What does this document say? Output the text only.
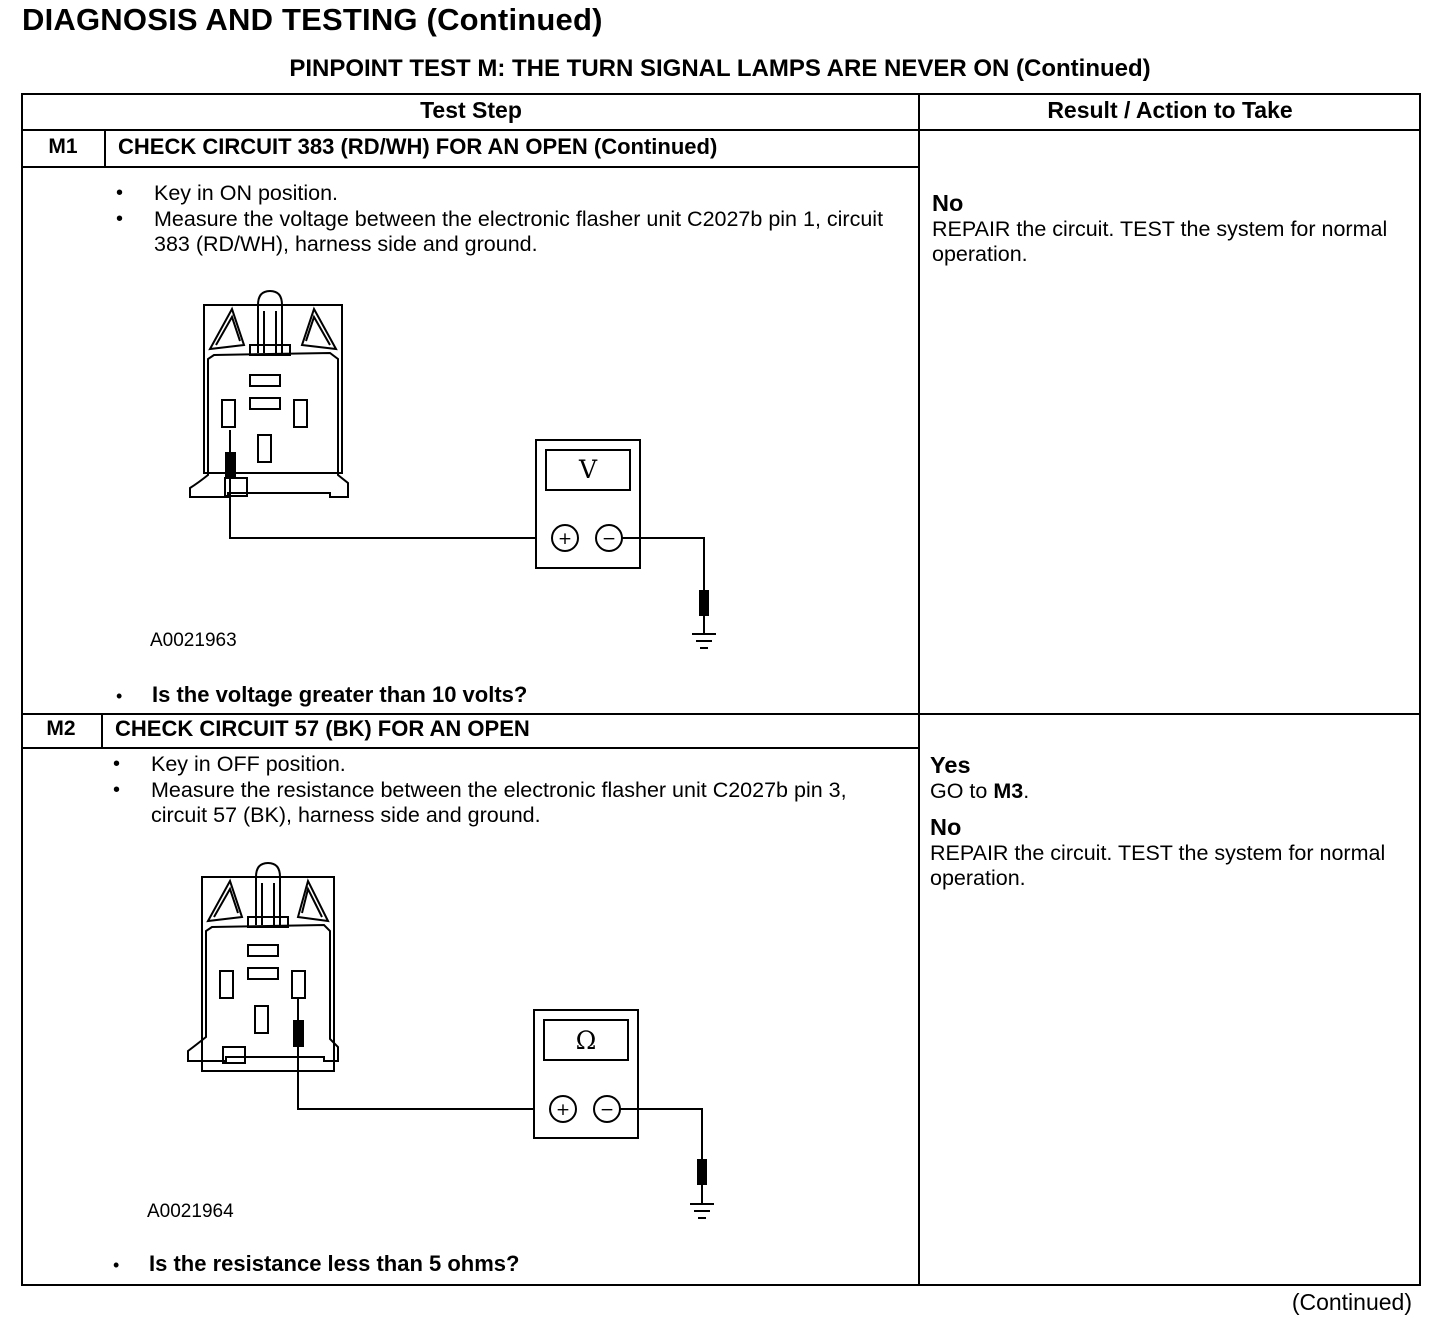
DIAGNOSIS AND TESTING (Continued)
PINPOINT TEST M: THE TURN SIGNAL LAMPS ARE NEVER ON (Continued)
Test Step	Result / Action to Take
M1	CHECK CIRCUIT 383 (RD/WH) FOR AN OPEN (Continued)
• Key in ON position.
• Measure the voltage between the electronic flasher unit C2027b pin 1, circuit 383 (RD/WH), harness side and ground.
V
+ −
A0021963
• Is the voltage greater than 10 volts?
No
REPAIR the circuit. TEST the system for normal operation.
M2	CHECK CIRCUIT 57 (BK) FOR AN OPEN
• Key in OFF position.
• Measure the resistance between the electronic flasher unit C2027b pin 3, circuit 57 (BK), harness side and ground.
Ω
+ −
A0021964
• Is the resistance less than 5 ohms?
Yes
GO to M3.
No
REPAIR the circuit. TEST the system for normal operation.
(Continued)
